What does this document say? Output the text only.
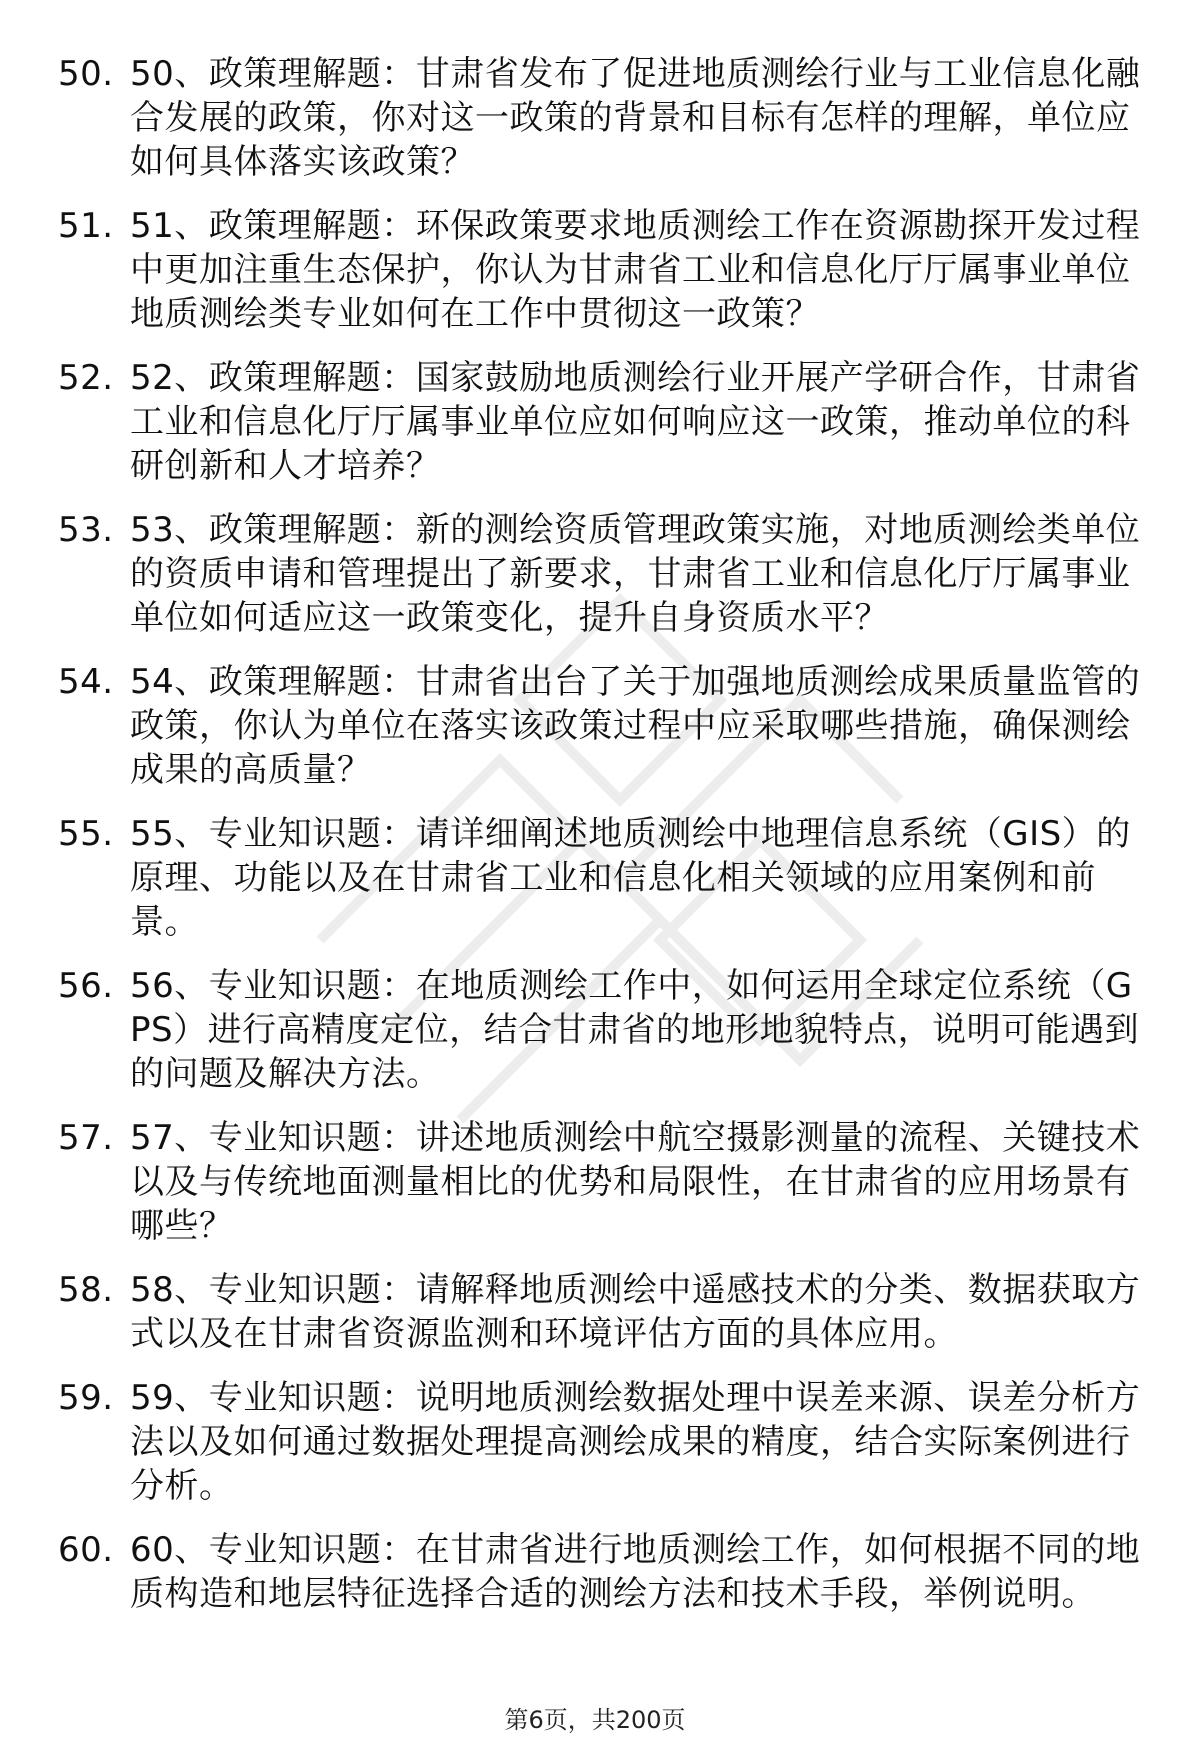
50. 50、政策理解题：甘肃省发布了促进地质测绘行业与工业信息化融合发展的政策，你对这一政策的背景和目标有怎样的理解，单位应如何具体落实该政策？
51. 51、政策理解题：环保政策要求地质测绘工作在资源勘探开发过程中更加注重生态保护，你认为甘肃省工业和信息化厅厅属事业单位地质测绘类专业如何在工作中贯彻这一政策？
52. 52、政策理解题：国家鼓励地质测绘行业开展产学研合作，甘肃省工业和信息化厅厅属事业单位应如何响应这一政策，推动单位的科研创新和人才培养？
53. 53、政策理解题：新的测绘资质管理政策实施，对地质测绘类单位的资质申请和管理提出了新要求，甘肃省工业和信息化厅厅属事业单位如何适应这一政策变化，提升自身资质水平？
54. 54、政策理解题：甘肃省出台了关于加强地质测绘成果质量监管的政策，你认为单位在落实该政策过程中应采取哪些措施，确保测绘成果的高质量？
55. 55、专业知识题：请详细阐述地质测绘中地理信息系统（GIS）的原理、功能以及在甘肃省工业和信息化相关领域的应用案例和前景。
56. 56、专业知识题：在地质测绘工作中，如何运用全球定位系统（GPS）进行高精度定位，结合甘肃省的地形地貌特点，说明可能遇到的问题及解决方法。
57. 57、专业知识题：讲述地质测绘中航空摄影测量的流程、关键技术以及与传统地面测量相比的优势和局限性，在甘肃省的应用场景有哪些？
58. 58、专业知识题：请解释地质测绘中遥感技术的分类、数据获取方式以及在甘肃省资源监测和环境评估方面的具体应用。
59. 59、专业知识题：说明地质测绘数据处理中误差来源、误差分析方法以及如何通过数据处理提高测绘成果的精度，结合实际案例进行分析。
60. 60、专业知识题：在甘肃省进行地质测绘工作，如何根据不同的地质构造和地层特征选择合适的测绘方法和技术手段，举例说明。
第6页，共200页
